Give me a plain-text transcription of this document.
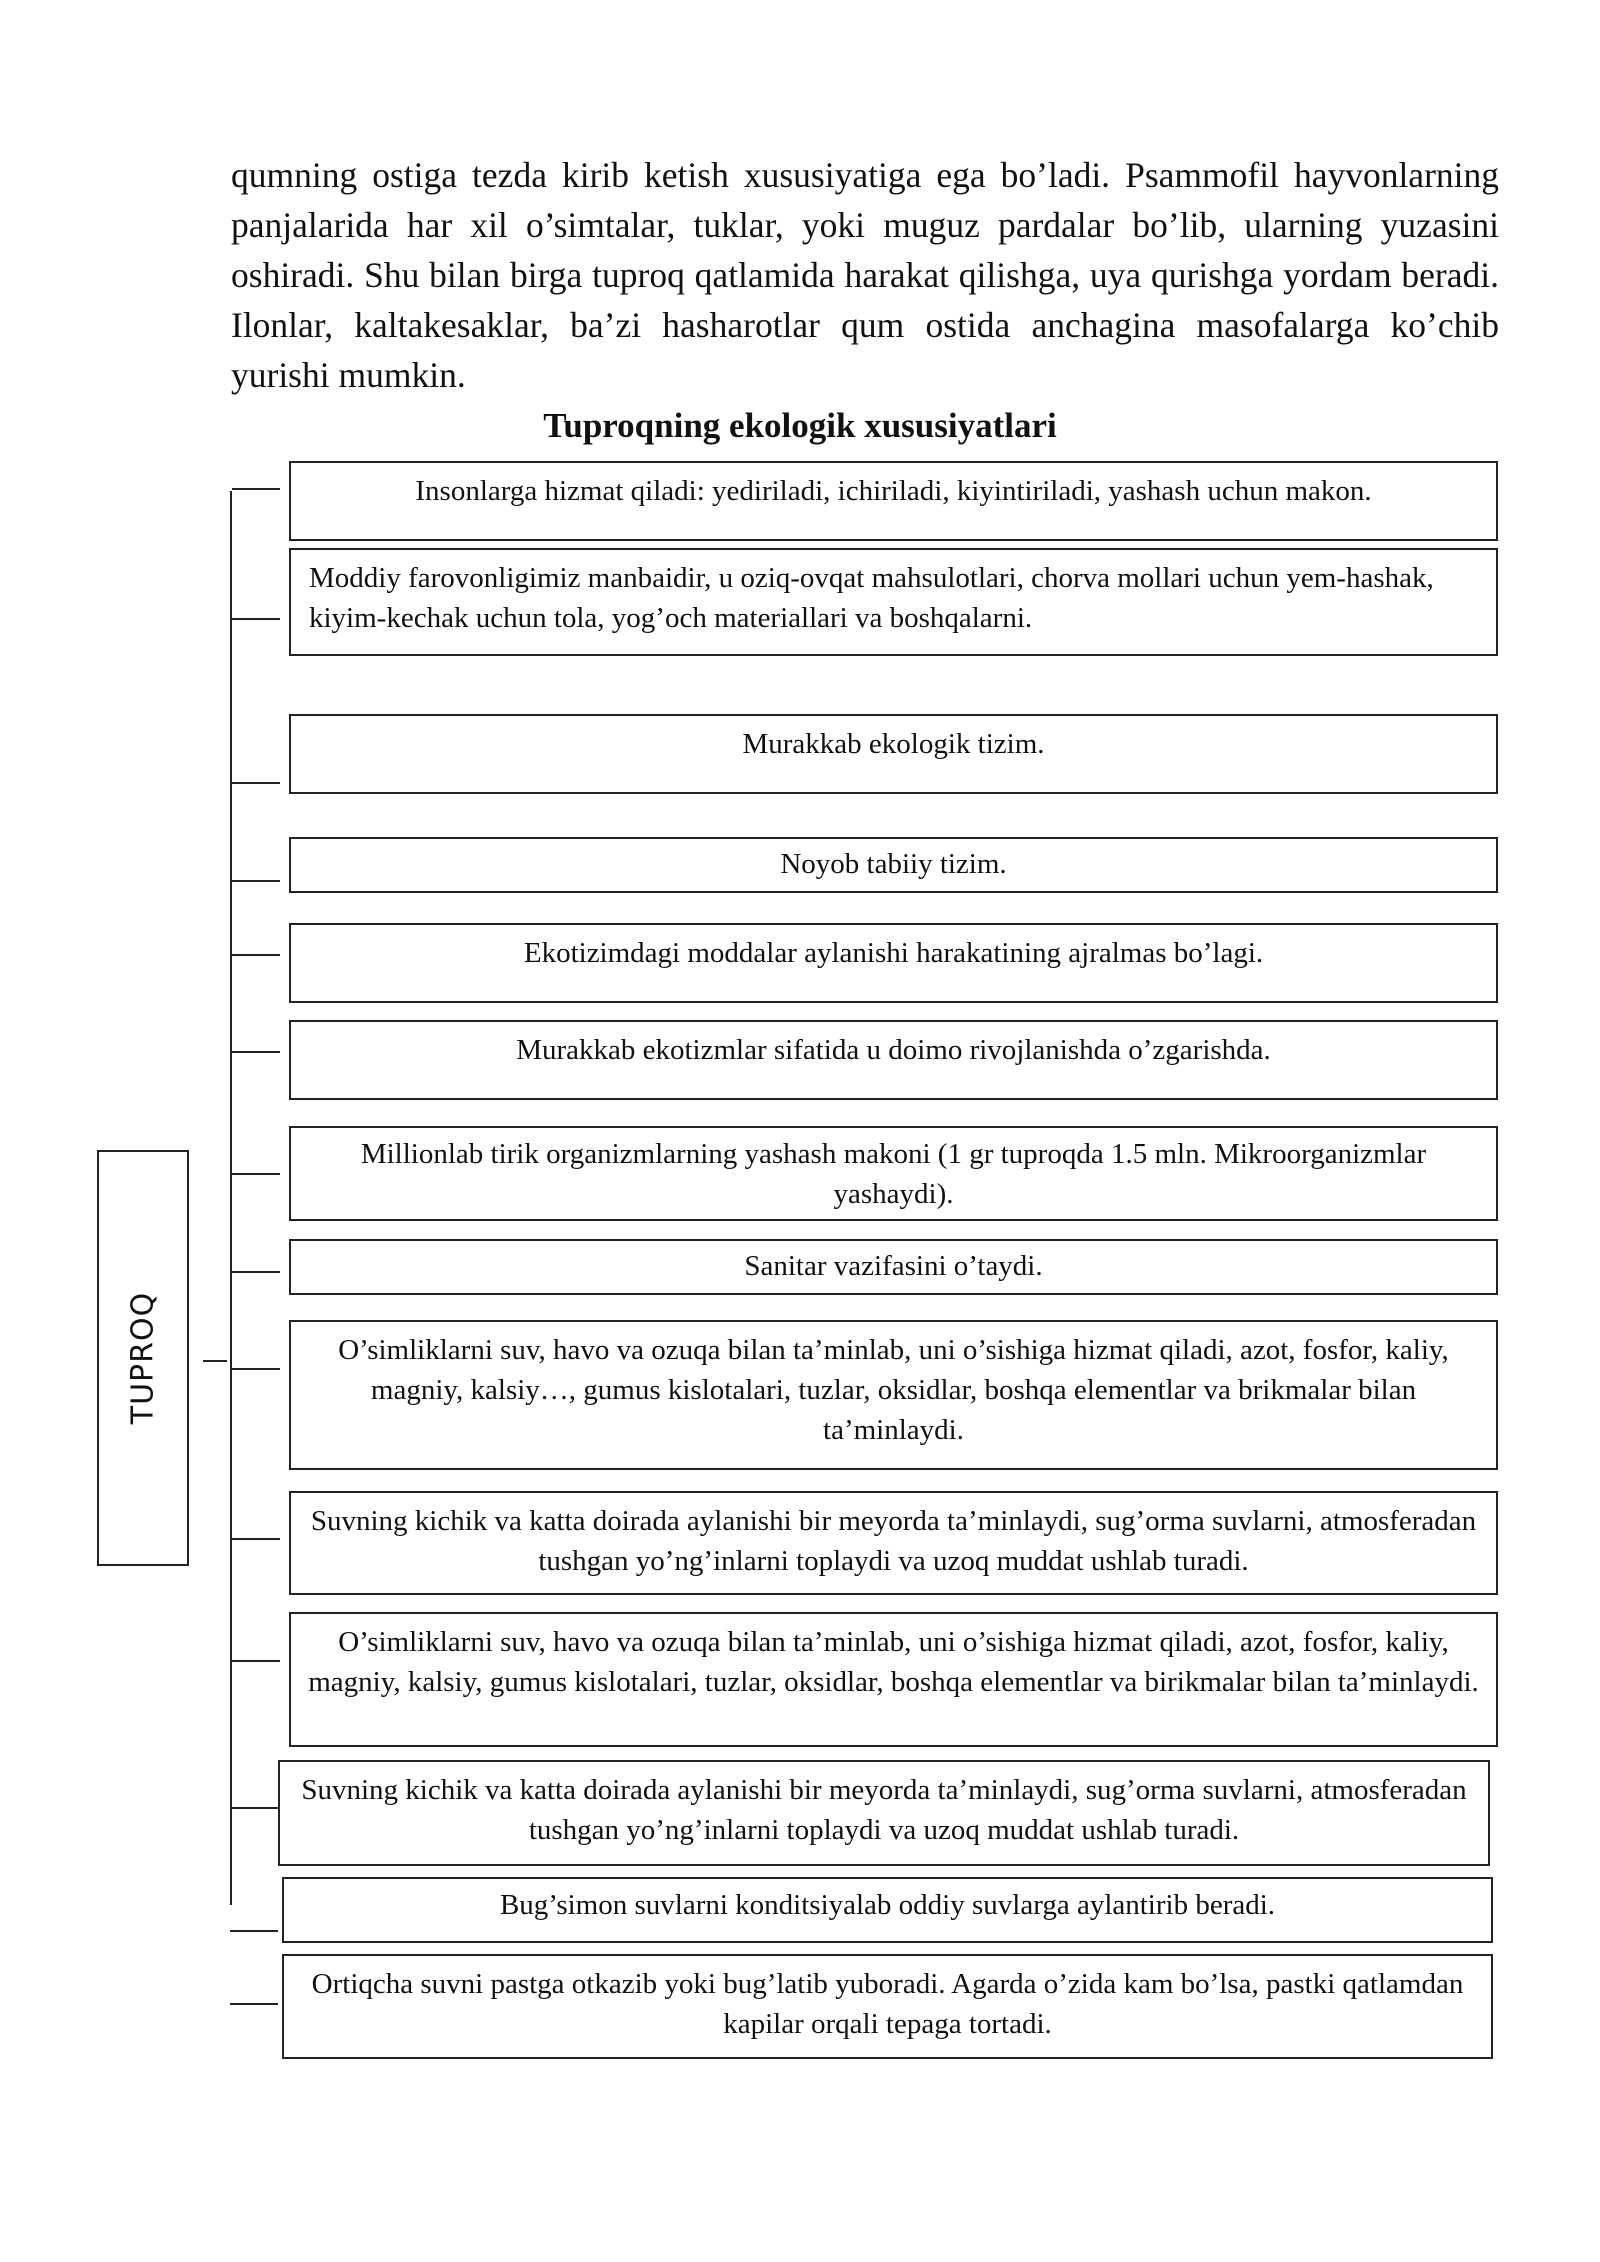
qumning ostiga tezda kirib ketish xususiyatiga ega bo’ladi. Psammofil hayvonlarning panjalarida har xil o’simtalar, tuklar, yoki muguz pardalar bo’lib, ularning yuzasini oshiradi. Shu bilan birga tuproq qatlamida harakat qilishga, uya qurishga yordam beradi. Ilonlar, kaltakesaklar, ba’zi hasharotlar qum ostida anchagina masofalarga ko’chib yurishi mumkin.

Tuproqning ekologik xususiyatlari
TUPROQ
Insonlarga hizmat qiladi: yediriladi, ichiriladi, kiyintiriladi, yashash uchun makon.
Moddiy farovonligimiz manbaidir, u oziq-ovqat mahsulotlari, chorva mollari uchun yem-hashak, kiyim-kechak uchun tola, yog’och materiallari va boshqalarni.
Murakkab ekologik tizim.
Noyob tabiiy tizim.
Ekotizimdagi moddalar aylanishi harakatining ajralmas bo’lagi.
Murakkab ekotizmlar sifatida u doimo rivojlanishda o’zgarishda.
Millionlab tirik organizmlarning yashash makoni (1 gr tuproqda 1.5 mln. Mikroorganizmlar yashaydi).
Sanitar vazifasini o’taydi.
O’simliklarni suv, havo va ozuqa bilan ta’minlab, uni o’sishiga hizmat qiladi, azot, fosfor, kaliy, magniy, kalsiy…, gumus kislotalari, tuzlar, oksidlar, boshqa elementlar va brikmalar bilan ta’minlaydi.
Suvning kichik va katta doirada aylanishi bir meyorda ta’minlaydi, sug’orma suvlarni, atmosferadan tushgan yo’ng’inlarni toplaydi va uzoq muddat ushlab turadi.
O’simliklarni suv, havo va ozuqa bilan ta’minlab, uni o’sishiga hizmat qiladi, azot, fosfor, kaliy, magniy, kalsiy, gumus kislotalari, tuzlar, oksidlar, boshqa elementlar va birikmalar bilan ta’minlaydi.
Suvning kichik va katta doirada aylanishi bir meyorda ta’minlaydi, sug’orma suvlarni, atmosferadan tushgan yo’ng’inlarni toplaydi va uzoq muddat ushlab turadi.
Bug’simon suvlarni konditsiyalab oddiy suvlarga aylantirib beradi.
Ortiqcha suvni pastga otkazib yoki bug’latib yuboradi. Agarda o’zida kam bo’lsa, pastki qatlamdan kapilar orqali tepaga tortadi.
